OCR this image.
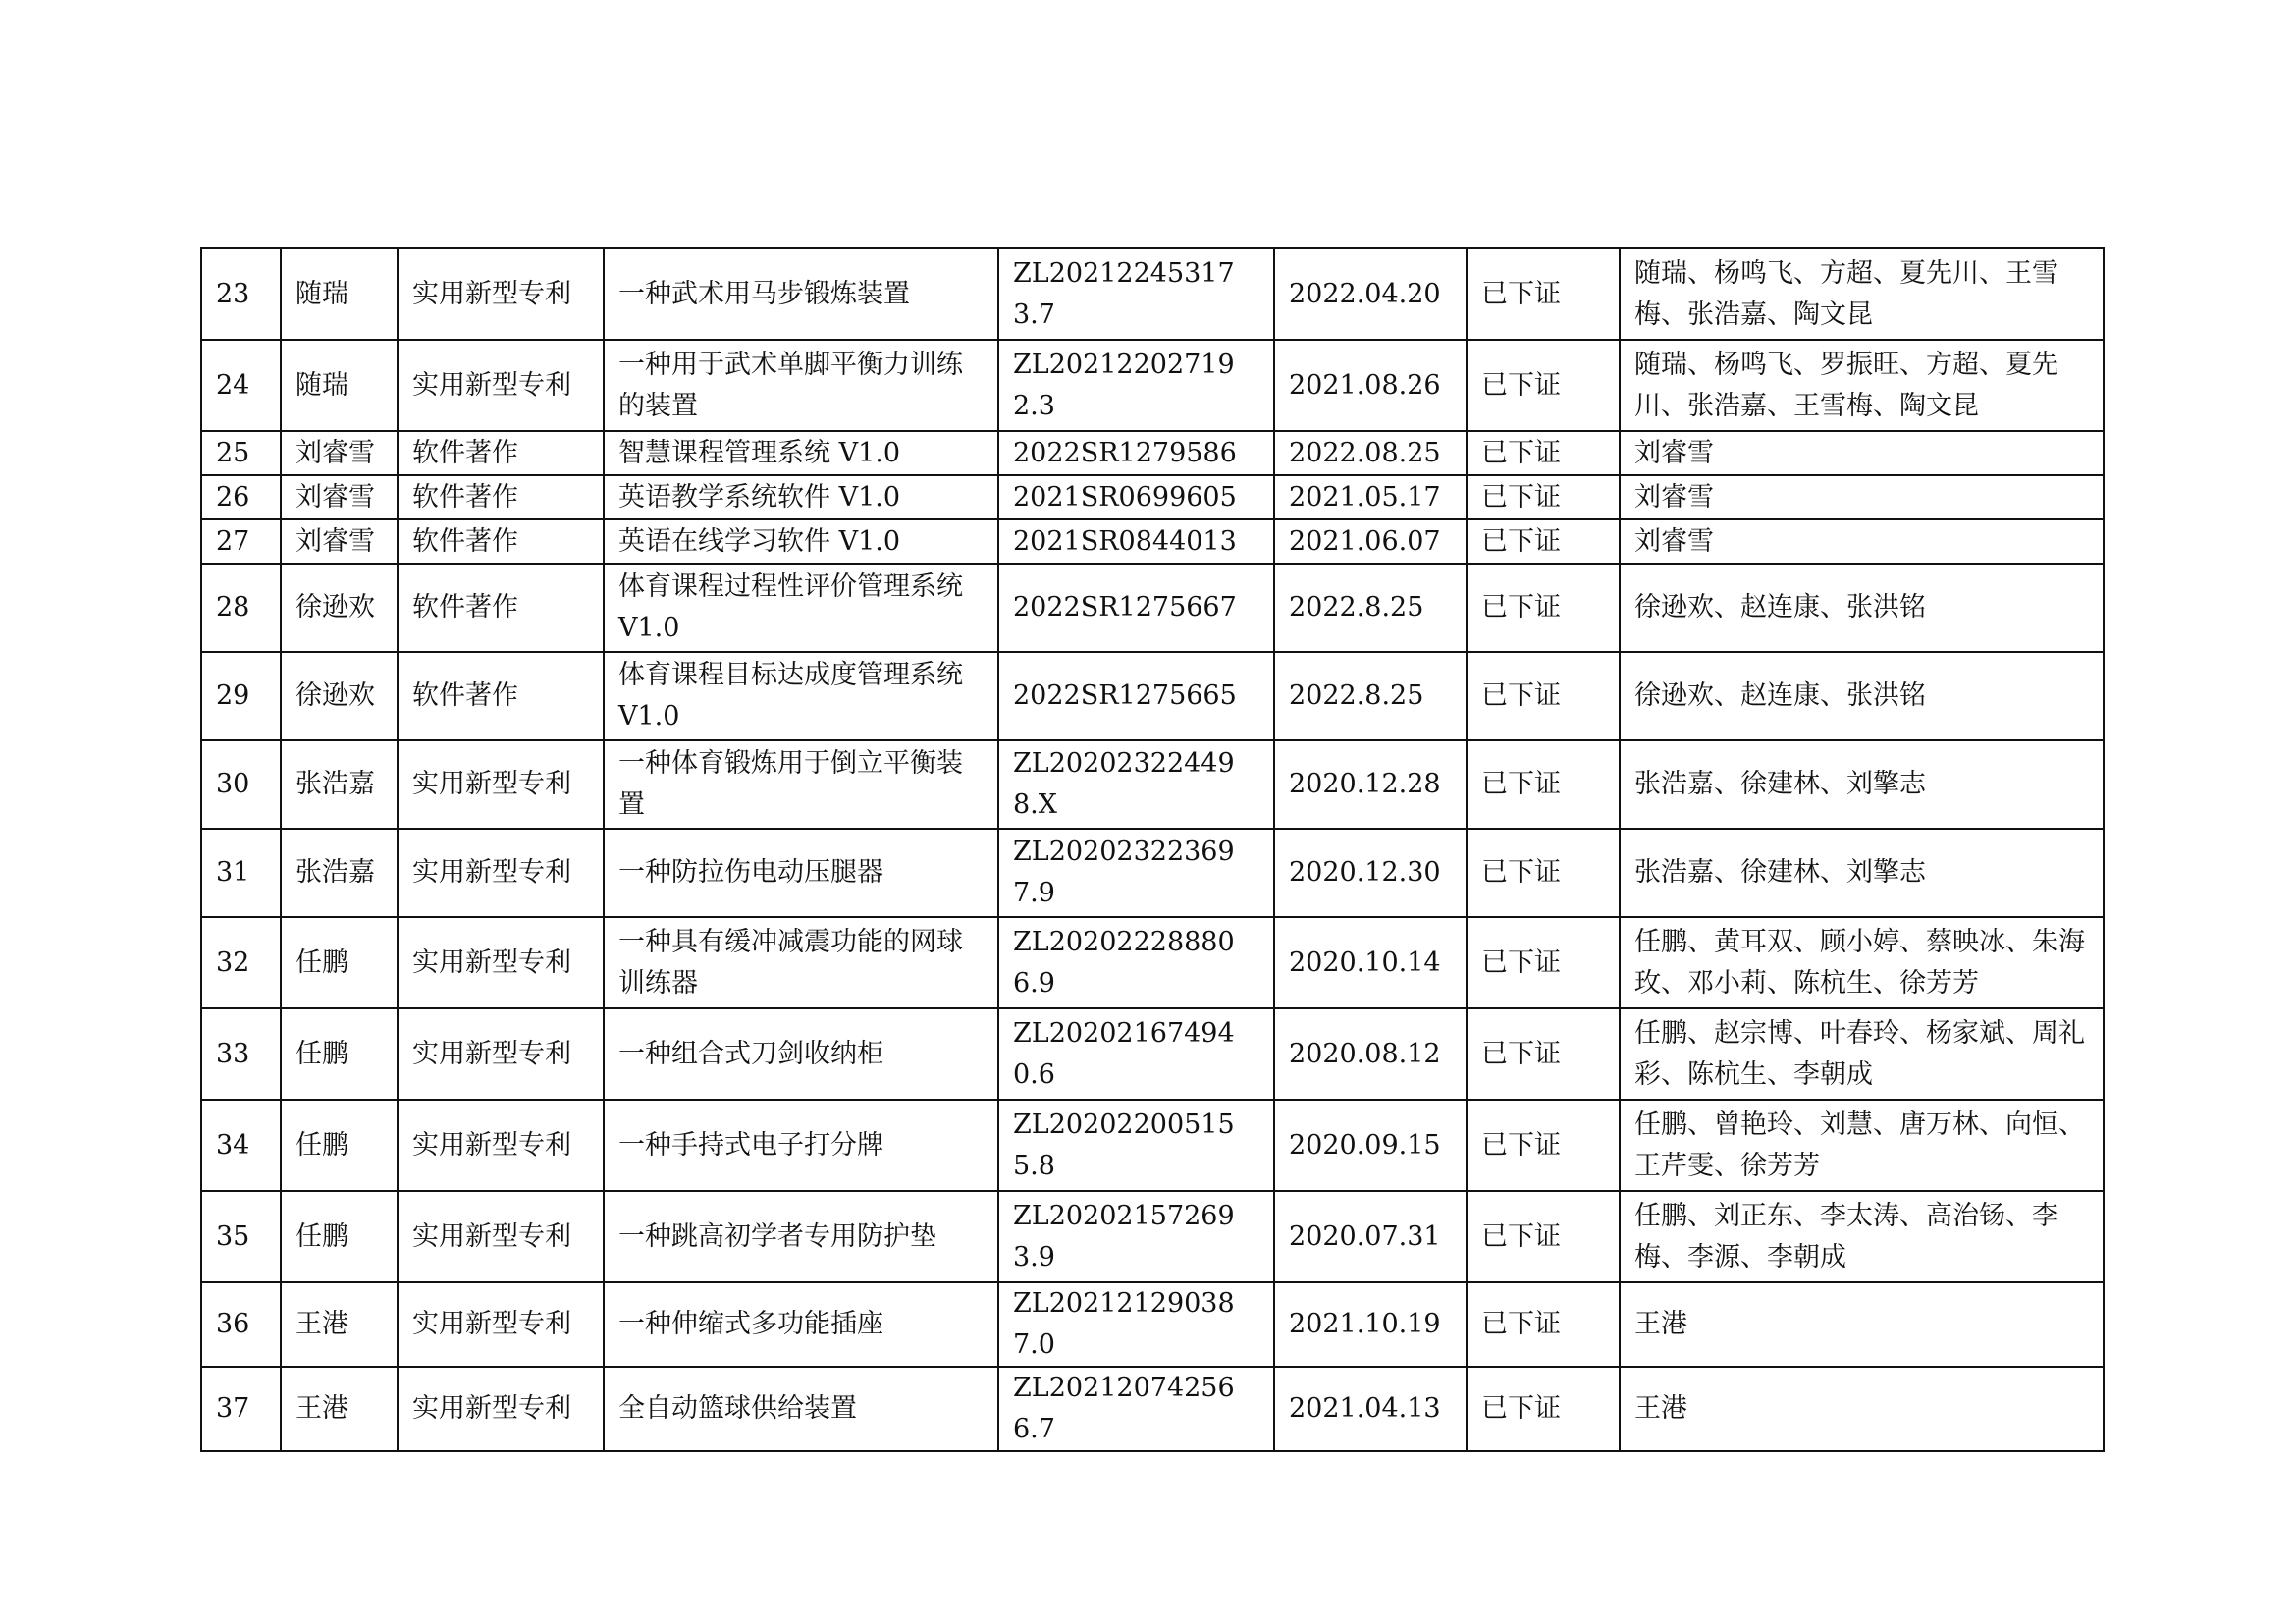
23	随瑞	实用新型专利	一种武术用马步锻炼装置	ZL202122453173.7	2022.04.20	已下证	随瑞、杨鸣飞、方超、夏先川、王雪梅、张浩嘉、陶文昆
24	随瑞	实用新型专利	一种用于武术单脚平衡力训练的装置	ZL202122027192.3	2021.08.26	已下证	随瑞、杨鸣飞、罗振旺、方超、夏先川、张浩嘉、王雪梅、陶文昆
25	刘睿雪	软件著作	智慧课程管理系统 V1.0	2022SR1279586	2022.08.25	已下证	刘睿雪
26	刘睿雪	软件著作	英语教学系统软件 V1.0	2021SR0699605	2021.05.17	已下证	刘睿雪
27	刘睿雪	软件著作	英语在线学习软件 V1.0	2021SR0844013	2021.06.07	已下证	刘睿雪
28	徐逊欢	软件著作	体育课程过程性评价管理系统 V1.0	2022SR1275667	2022.8.25	已下证	徐逊欢、赵连康、张洪铭
29	徐逊欢	软件著作	体育课程目标达成度管理系统 V1.0	2022SR1275665	2022.8.25	已下证	徐逊欢、赵连康、张洪铭
30	张浩嘉	实用新型专利	一种体育锻炼用于倒立平衡装置	ZL202023224498.X	2020.12.28	已下证	张浩嘉、徐建林、刘擎志
31	张浩嘉	实用新型专利	一种防拉伤电动压腿器	ZL202023223697.9	2020.12.30	已下证	张浩嘉、徐建林、刘擎志
32	任鹏	实用新型专利	一种具有缓冲减震功能的网球训练器	ZL202022288806.9	2020.10.14	已下证	任鹏、黄耳双、顾小婷、蔡映冰、朱海玫、邓小莉、陈杭生、徐芳芳
33	任鹏	实用新型专利	一种组合式刀剑收纳柜	ZL202021674940.6	2020.08.12	已下证	任鹏、赵宗博、叶春玲、杨家斌、周礼彩、陈杭生、李朝成
34	任鹏	实用新型专利	一种手持式电子打分牌	ZL202022005155.8	2020.09.15	已下证	任鹏、曾艳玲、刘慧、唐万林、向恒、王芹雯、徐芳芳
35	任鹏	实用新型专利	一种跳高初学者专用防护垫	ZL202021572693.9	2020.07.31	已下证	任鹏、刘正东、李太涛、高治钖、李梅、李源、李朝成
36	王港	实用新型专利	一种伸缩式多功能插座	ZL202121290387.0	2021.10.19	已下证	王港
37	王港	实用新型专利	全自动篮球供给装置	ZL202120742566.7	2021.04.13	已下证	王港
